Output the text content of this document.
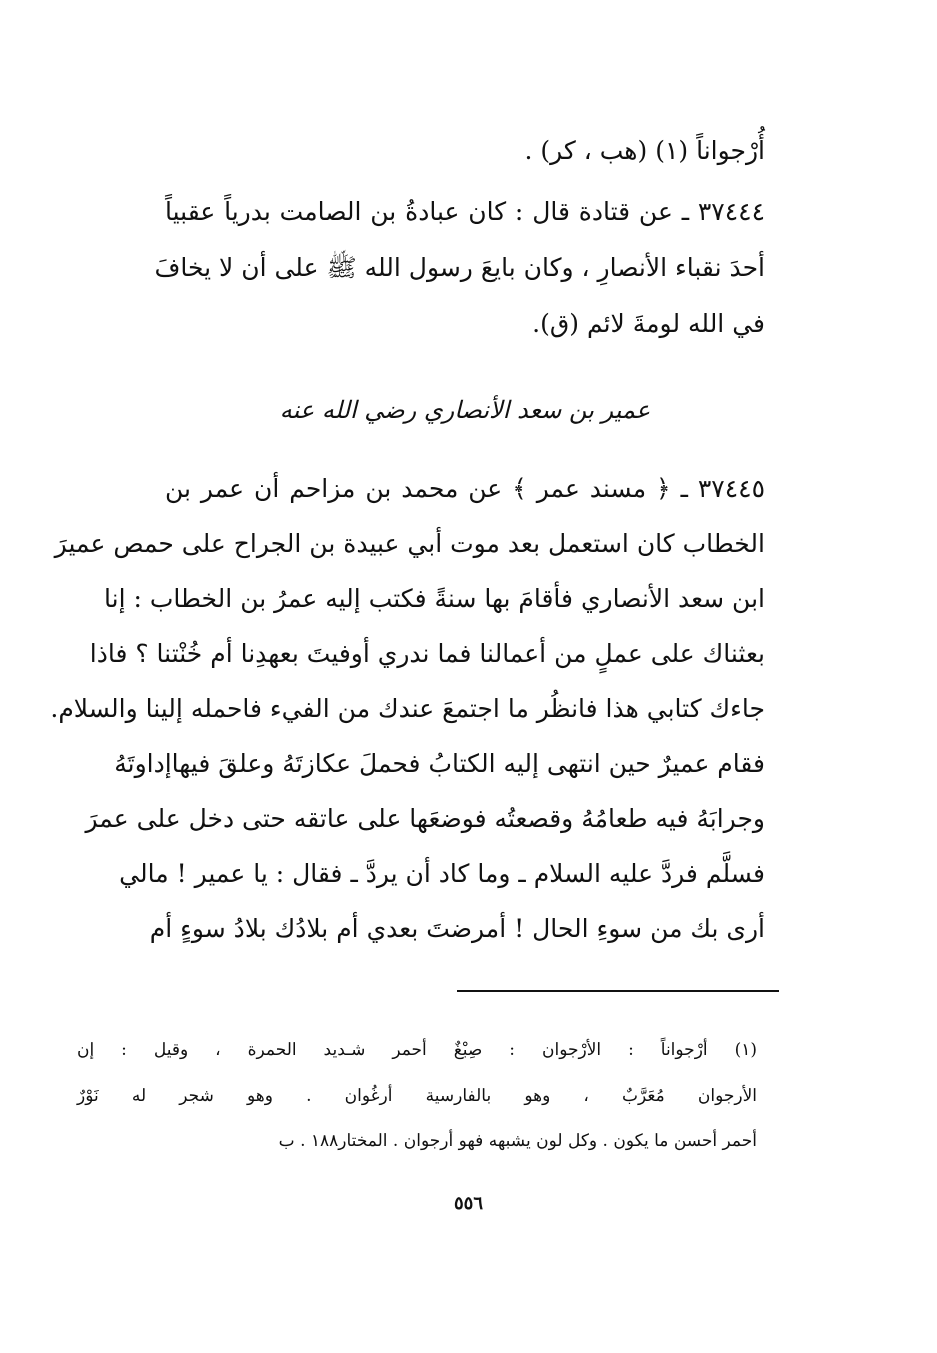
أُرْجواناً (١) (هب ، كر) .
٣٧٤٤٤ ـ عن قتادة قال : كان عبادةُ بن الصامت بدرياً عقبياً
أحدَ نقباء الأنصارِ ، وكان بايعَ رسول الله ﷺ على أن لا يخافَ
في الله لومةَ لائم (ق).
عمير بن سعد الأنصاري رضي الله عنه
٣٧٤٤٥ ـ ﴿ مسند عمر ﴾ عن محمد بن مزاحم أن عمر بن
الخطاب كان استعمل بعد موت أبي عبيدة بن الجراح على حمص عميرَ
ابن سعد الأنصاري فأقامَ بها سنةً فكتب إليه عمرُ بن الخطاب : إنا
بعثناك على عملٍ من أعمالنا فما ندري أوفيتَ بعهدِنا أم خُنْتنا ؟ فاذا
جاءك كتابي هذا فانظُر ما اجتمعَ عندك من الفيء فاحمله إلينا والسلام.
فقام عميرٌ حين انتهى إليه الكتابُ فحملَ عكازتَهُ وعلقَ فيهاإداوتَهُ
وجرابَهُ فيه طعامُهُ وقصعتُه فوضعَها على عاتقه حتى دخل على عمرَ
فسلَّم فردَّ عليه السلام ـ وما كاد أن يردَّ ـ فقال : يا عمير ! مالي
أرى بك من سوءِ الحال ! أمرضتَ بعدي أم بلادُك بلادُ سوءٍ أم
(١) أرْجواناً : الأرْجوان : صِبْغٌ أحمر شـديد الحمرة ، وقيل : إن
الأرجوان مُعَرَّبٌ ، وهو بالفارسية أرغُوان . وهو شجر له نَوْرٌ
أحمر أحسن ما يكون . وكل لون يشبهه فهو أرجوان . المختار١٨٨ . ب
٥٥٦
